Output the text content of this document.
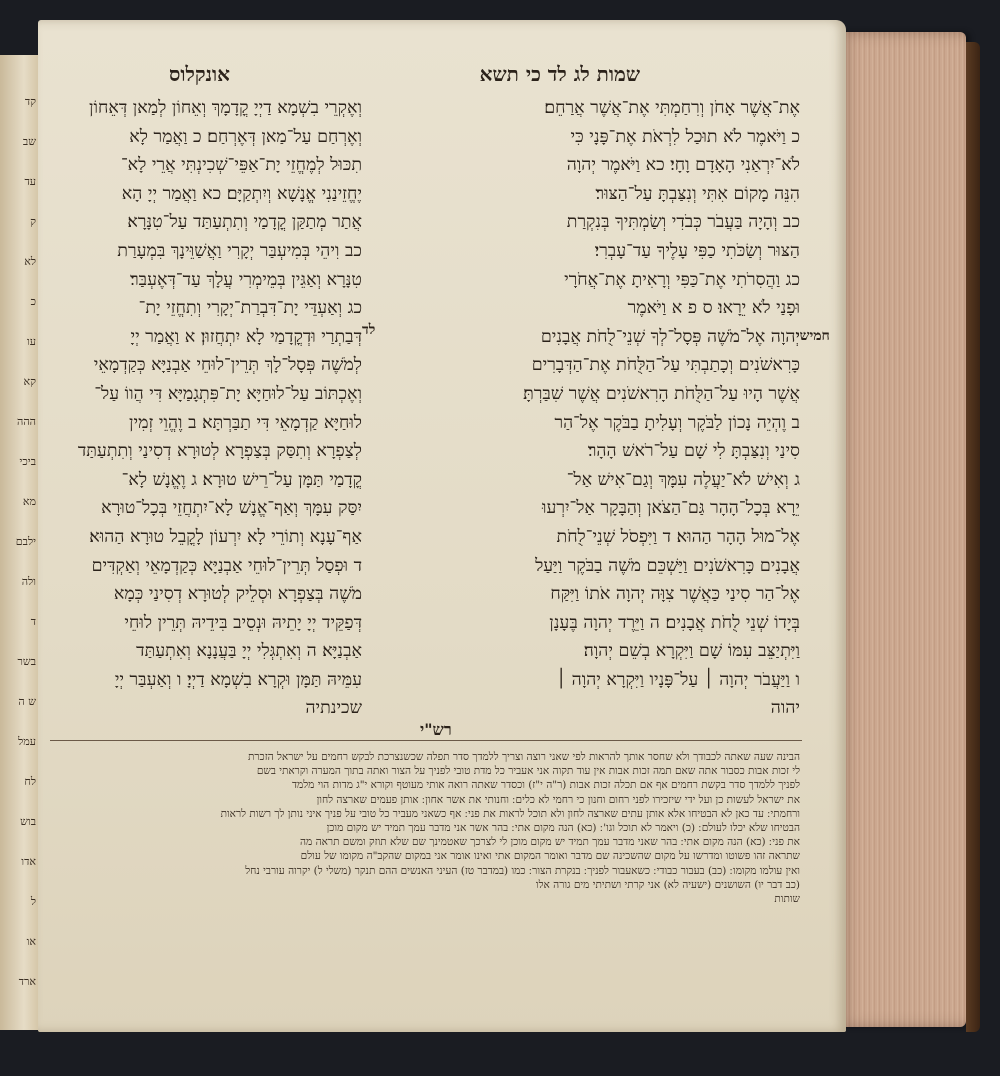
קד
שב
עד
ק
לא
כ
עו
קא
ההה
ביכי
מא
ילבם
ולה
ד
בשר
ש ה
עמל
לח
בוש
אדו
ל
או
ארד
שמות לג לד כי תשא
אונקלוס
לד	חמישי
אֶת־אֲשֶׁר אָחֹן וְרִחַמְתִּי אֶת־אֲשֶׁר אֲרַחֵם׃
כ וַיֹּאמֶר לֹא תוּכַל לִרְאֹת אֶת־פָּנָי כִּי
לֹא־יִרְאַנִי הָאָדָם וָחָי׃ כא וַיֹּאמֶר יְהוָה
הִנֵּה מָקוֹם אִתִּי וְנִצַּבְתָּ עַל־הַצּוּר׃
כב וְהָיָה בַּעֲבֹר כְּבֹדִי וְשַׂמְתִּיךָ בְּנִקְרַת
הַצּוּר וְשַׂכֹּתִי כַפִּי עָלֶיךָ עַד־עָבְרִי׃
כג וַהֲסִרֹתִי אֶת־כַּפִּי וְרָאִיתָ אֶת־אֲחֹרָי
וּפָנַי לֹא יֵרָאוּ׃ ס פ א וַיֹּאמֶר
יְהוָה אֶל־מֹשֶׁה פְּסָל־לְךָ שְׁנֵי־לֻחֹת אֲבָנִים
כָּרִאשֹׁנִים וְכָתַבְתִּי עַל־הַלֻּחֹת אֶת־הַדְּבָרִים
אֲשֶׁר הָיוּ עַל־הַלֻּחֹת הָרִאשֹׁנִים אֲשֶׁר שִׁבַּרְתָּ׃
ב וֶהְיֵה נָכוֹן לַבֹּקֶר וְעָלִיתָ בַבֹּקֶר אֶל־הַר
סִינַי וְנִצַּבְתָּ לִי שָׁם עַל־רֹאשׁ הָהָר׃
ג וְאִישׁ לֹא־יַעֲלֶה עִמָּךְ וְגַם־אִישׁ אַל־
יֵרָא בְּכָל־הָהָר גַּם־הַצֹּאן וְהַבָּקָר אַל־יִרְעוּ
אֶל־מוּל הָהָר הַהוּא׃ ד וַיִּפְסֹל שְׁנֵי־לֻחֹת
אֲבָנִים כָּרִאשֹׁנִים וַיַּשְׁכֵּם מֹשֶׁה בַבֹּקֶר וַיַּעַל
אֶל־הַר סִינַי כַּאֲשֶׁר צִוָּה יְהוָה אֹתוֹ וַיִּקַּח
בְּיָדוֹ שְׁנֵי לֻחֹת אֲבָנִים׃ ה וַיֵּרֶד יְהוָה בֶּעָנָן
וַיִּתְיַצֵּב עִמּוֹ שָׁם וַיִּקְרָא בְשֵׁם יְהוָה׃
ו וַיַּעֲבֹר יְהוָה ׀ עַל־פָּנָיו וַיִּקְרָא יְהוָה ׀
יהוה
וְאֶקְרֵי בִשְׁמָא דַיְיָ קֳדָמָךְ וְאֵחוֹן לְמַאן דְּאֵחוֹן
וְאֶרְחַם עַל־מַאן דְּאֶרְחַם׃ כ וַאֲמַר לָא
תִכּוּל לְמֶחֱזֵי יָת־אַפֵּי־שְׁכִינְתִּי אֲרֵי לָא־
יֶחֱזֵינַנִי אֱנָשָׁא וְיִתְקַיָּם׃ כא וַאֲמַר יְיָ הָא
אֲתַר מְתַקַּן קֳדָמַי וְתִתְעַתַּד עַל־טִנָּרָא׃
כב וִיהֵי בְּמִיעְבַּר יְקָרִי וַאֲשַׁוֵּינָךְ בִּמְעָרַת
טִנָּרָא וְאַגֵּין בְּמֵימְרִי עֲלָךְ עַד־דְּאֶעְבַּר׃
כג וְאַעְדֵּי יָת־דִּבְרַת־יְקָרִי וְתִחֱזֵי יָת־
דְּבַתְרַי וּדְקֳדָמַי לָא יִתְחֲזוּן׃ א וַאֲמַר יְיָ
לְמֹשֶׁה פְּסָל־לָךְ תְּרֵין־לוּחֵי אַבְנַיָּא כְּקַדְמָאֵי
וְאֶכְתּוֹב עַל־לוּחַיָּא יָת־פִּתְגָמַיָּא דִּי הֲווֹ עַל־
לוּחַיָּא קַדְמָאֵי דִּי תַבַּרְתָּא׃ ב וֶהֱוֵי זְמִין
לְצַפְרָא וְתִסַּק בְּצַפְרָא לְטוּרָא דְסִינַי וְתִתְעַתַּד
קֳדָמַי תַּמָּן עַל־רֵישׁ טוּרָא׃ ג וֶאֱנָשׁ לָא־
יִסַּק עִמָּךְ וְאַף־אֱנָשׁ לָא־יִתְחֲזֵי בְּכָל־טוּרָא
אַף־עָנָא וְתוֹרֵי לָא יִרְעוֹן לָקֳבֵל טוּרָא הַהוּא׃
ד וּפְסַל תְּרֵין־לוּחֵי אַבְנַיָּא כְּקַדְמָאֵי וְאַקְדִּים
מֹשֶׁה בְּצַפְרָא וּסְלֵיק לְטוּרָא דְסִינַי כְּמָא
דְּפַקֵּיד יְיָ יָתֵיהּ וּנְסֵיב בִּידֵיהּ תְּרֵין לוּחֵי
אַבְנַיָּא׃ ה וְאִתְגְּלִי יְיָ בַּעֲנָנָא וְאִתְעַתַּד
עִמֵּיהּ תַּמָּן וּקְרָא בִשְׁמָא דַיְיָ׃ ו וְאַעְבַּר יְיָ
שכינתיה
רש"י
הבינה שעה שאתה לכבודך ולא שחסר אותך להראות לפי שאני רוצה וצריך ללמדך סדר תפלה שכשנצרכת לבקש רחמים על ישראל הזכרת
לי זכות אבות כסבור אתה שאם תמה זכות אבות אין עוד תקוה אני אעביר כל מדת טובי לפניך על הצור ואתה בתוך המערה וקראתי בשם
לפניך ללמדך סדר בקשת רחמים אף אם תכלה זכות אבות (ר"ה י"ז) וכסדר שאתה רואה אותי מעוטף וקורא י"ג מדות הוי מלמד
את ישראל לעשות כן ועל ידי שיזכירו לפני רחום וחנון כי רחמי לא כלים ׃ וחנותי את אשר אחון ׃ אותן פעמים שארצה לחון
ורחמתי ׃ עד כאן לא הבטיחו אלא אותן עתים שארצה לחון ולא תוכל לראות את פני ׃ אף כשאני מעביר כל טובי על פניך איני נותן לך רשות לראות
הבטיחו שלא יכלו לעולם ׃ (כ) ויאמר לא תוכל וגו' ׃ (כא) הנה מקום אתי ׃ בהר אשר אני מדבר עמך תמיד יש מקום מוכן
את פני ׃ (כא) הנה מקום אתי ׃ בהר שאני מדבר עמך תמיד יש מקום מוכן לי לצרכך שאטמינך שם שלא תוזק ומשם תראה מה
שתראה זהו פשוטו ומדרשו על מקום שהשכינה שם מדבר ואומר המקום אתי ואינו אומר אני במקום שהקב"ה מקומו של עולם
ואין עולמו מקומו ׃ (כב) בעבור כבודי ׃ כשאעבור לפניך ׃ בנקרת הצור ׃ כמו (במדבר טז) העיני האנשים ההם תנקר (משלי ל) יקרוה עורבי נחל
(כב דבר יו) השושנים (ישעיה לא) אני קרתי ושתיתי מים גורה אלו
שותות
